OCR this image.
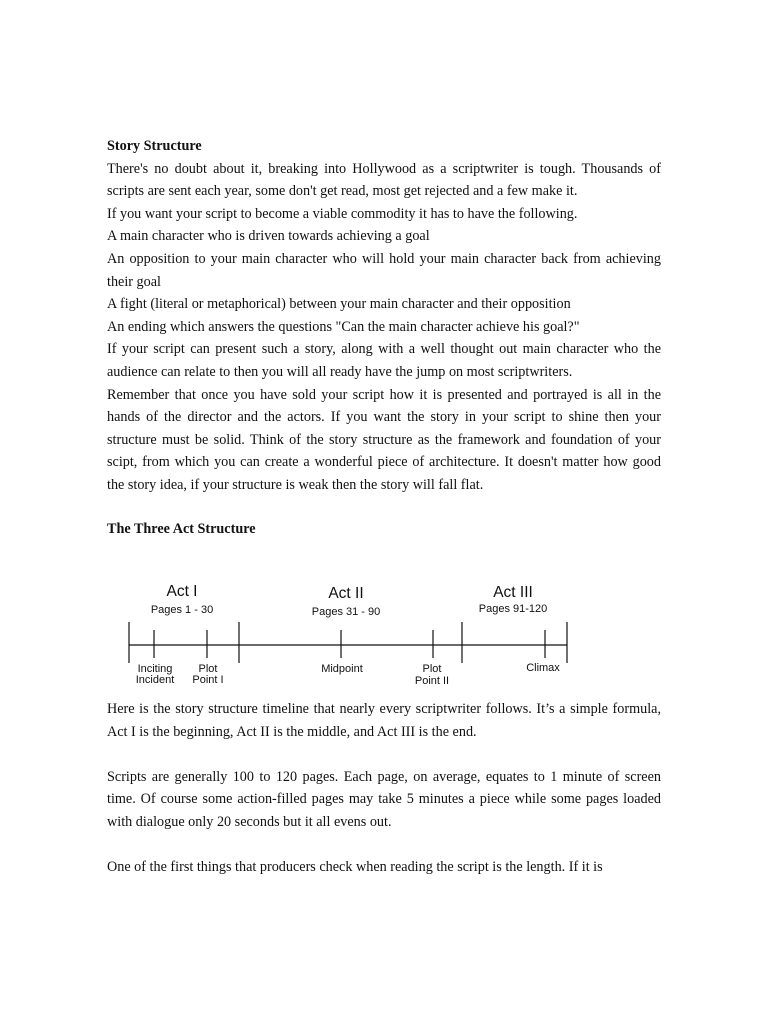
Story Structure

There's no doubt about it, breaking into Hollywood as a scriptwriter is tough. Thousands of scripts are sent each year, some don't get read, most get rejected and a few make it.

If you want your script to become a viable commodity it has to have the following.

A main character who is driven towards achieving a goal

An opposition to your main character who will hold your main character back from achieving their goal

A fight (literal or metaphorical) between your main character and their opposition

An ending which answers the questions "Can the main character achieve his goal?"

If your script can present such a story, along with a well thought out main character who the audience can relate to then you will all ready have the jump on most scriptwriters.

Remember that once you have sold your script how it is presented and portrayed is all in the hands of the director and the actors. If you want the story in your script to shine then your structure must be solid. Think of the story structure as the framework and foundation of your scipt, from which you can create a wonderful piece of architecture. It doesn't matter how good the story idea, if your structure is weak then the story will fall flat.

The Three Act Structure

Act I
Pages 1 - 30
Act II
Pages 31 - 90
Act III
Pages 91-120
Inciting
Incident
Plot
Point I
Midpoint	Plot
Point II
Climax

Here is the story structure timeline that nearly every scriptwriter follows. It’s a simple formula, Act I is the beginning, Act II is the middle, and Act III is the end.

Scripts are generally 100 to 120 pages. Each page, on average, equates to 1 minute of screen time. Of course some action-filled pages may take 5 minutes a piece while some pages loaded with dialogue only 20 seconds but it all evens out.

One of the first things that producers check when reading the script is the length. If it is
